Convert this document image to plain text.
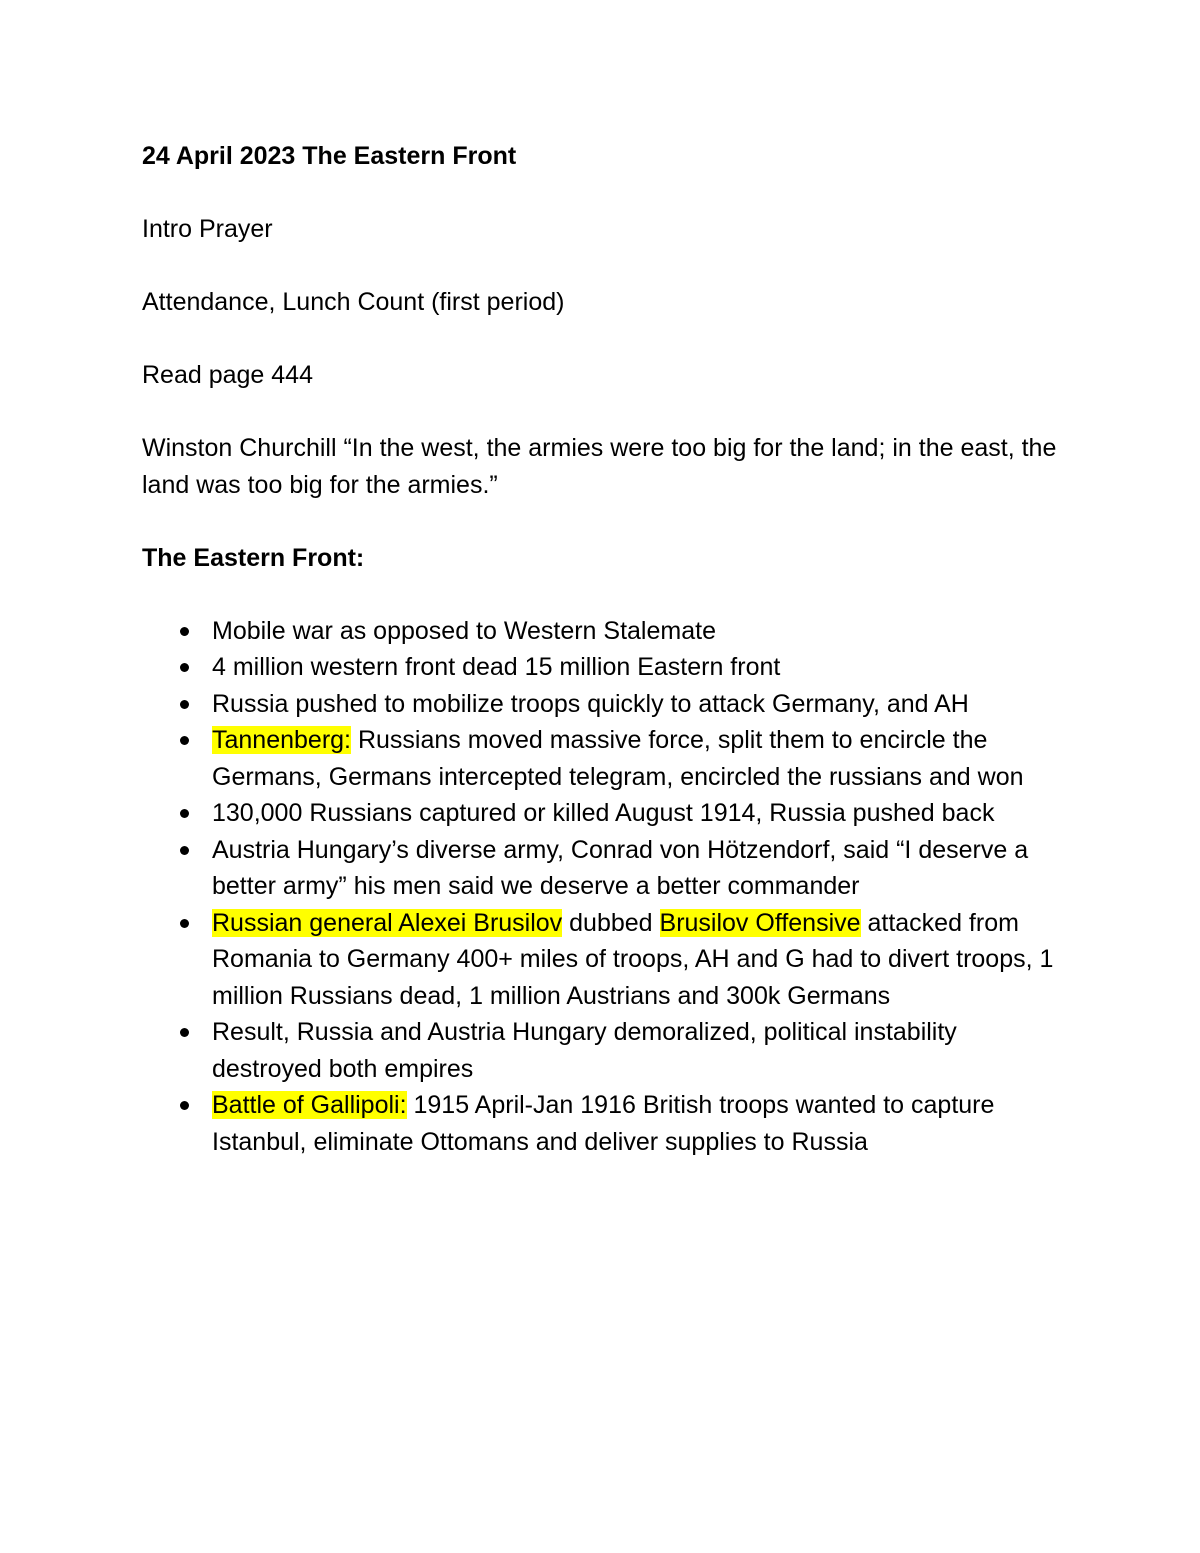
24 April 2023 The Eastern Front

Intro Prayer

Attendance, Lunch Count (first period)

Read page 444

Winston Churchill “In the west, the armies were too big for the land; in the east, the land was too big for the armies.”

The Eastern Front:

Mobile war as opposed to Western Stalemate
4 million western front dead 15 million Eastern front
Russia pushed to mobilize troops quickly to attack Germany, and AH
Tannenberg: Russians moved massive force, split them to encircle the Germans, Germans intercepted telegram, encircled the russians and won
130,000 Russians captured or killed August 1914, Russia pushed back
Austria Hungary’s diverse army, Conrad von Hötzendorf, said “I deserve a better army” his men said we deserve a better commander
Russian general Alexei Brusilov dubbed Brusilov Offensive attacked from Romania to Germany 400+ miles of troops, AH and G had to divert troops, 1 million Russians dead, 1 million Austrians and 300k Germans
Result, Russia and Austria Hungary demoralized, political instability destroyed both empires
Battle of Gallipoli: 1915 April-Jan 1916 British troops wanted to capture Istanbul, eliminate Ottomans and deliver supplies to Russia
